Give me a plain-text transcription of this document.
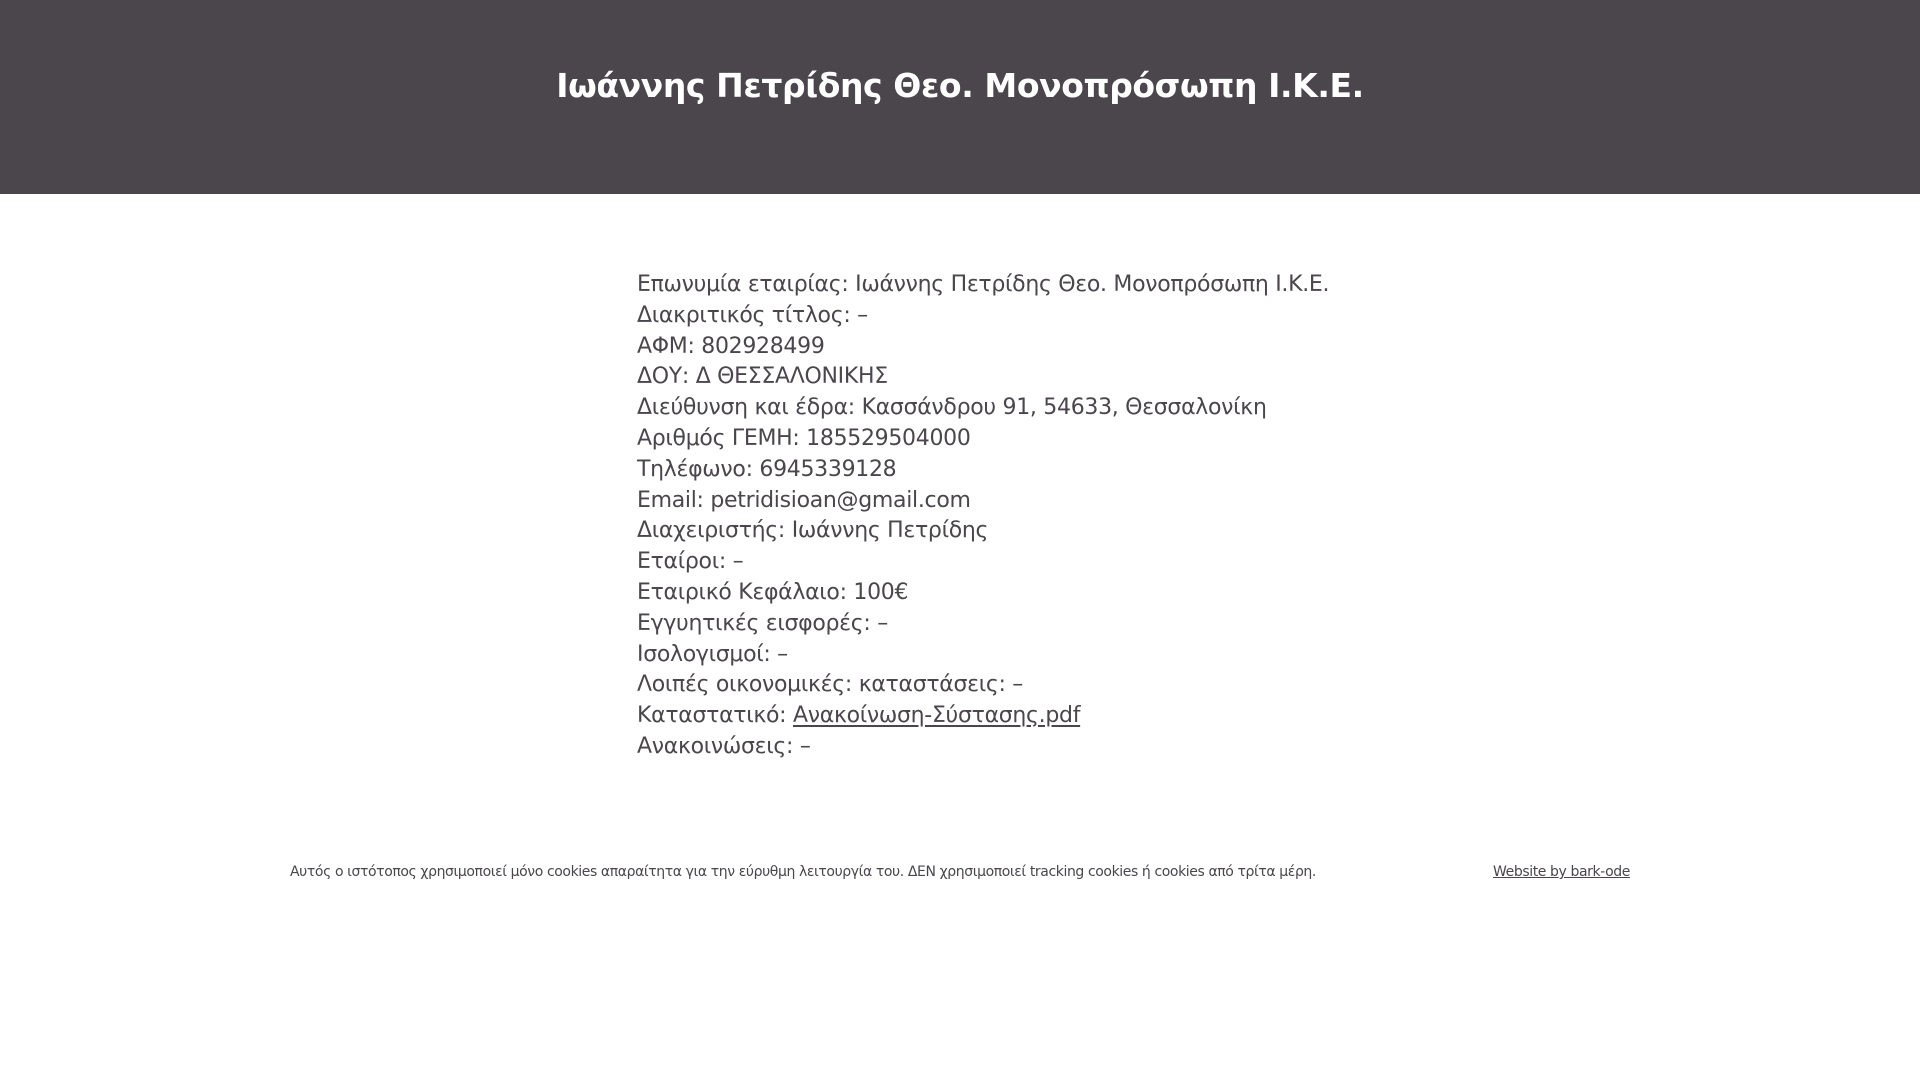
Ιωάννης Πετρίδης Θεο. Μονοπρόσωπη Ι.Κ.Ε.
Επωνυμία εταιρίας: Ιωάννης Πετρίδης Θεο. Μονοπρόσωπη Ι.Κ.Ε.
Διακριτικός τίτλος: –
ΑΦΜ: 802928499
ΔΟΥ: Δ ΘΕΣΣΑΛΟΝΙΚΗΣ
Διεύθυνση και έδρα: Κασσάνδρου 91, 54633, Θεσσαλονίκη
Αριθμός ΓΕΜΗ: 185529504000
Τηλέφωνο: 6945339128
Email: petridisioan@gmail.com
Διαχειριστής: Ιωάννης Πετρίδης
Εταίροι: –
Εταιρικό Κεφάλαιο: 100€
Εγγυητικές εισφορές: –
Ισολογισμοί: –
Λοιπές οικονομικές: καταστάσεις: –
Καταστατικό: Ανακοίνωση-Σύστασης.pdf
Ανακοινώσεις: –
Αυτός ο ιστότοπος χρησιμοποιεί μόνο cookies απαραίτητα για την εύρυθμη λειτουργία του. ΔΕΝ χρησιμοποιεί tracking cookies ή cookies από τρίτα μέρη.	Website by bark-ode
